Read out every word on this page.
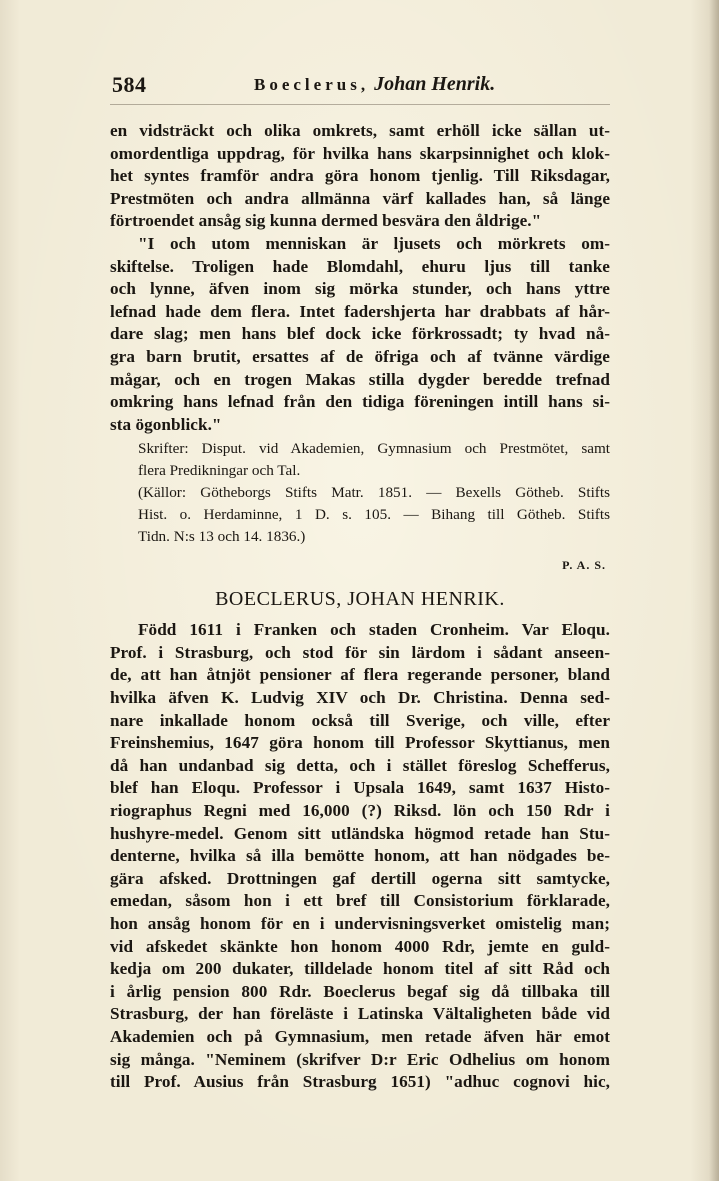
584	Boeclerus, Johan Henrik.
en vidsträckt och olika omkrets, samt erhöll icke sällan ut-
omordentliga uppdrag, för hvilka hans skarpsinnighet och klok-
het syntes framför andra göra honom tjenlig. Till Riksdagar,
Prestmöten och andra allmänna värf kallades han, så länge
förtroendet ansåg sig kunna dermed besvära den åldrige."
"I och utom menniskan är ljusets och mörkrets om-
skiftelse. Troligen hade Blomdahl, ehuru ljus till tanke
och lynne, äfven inom sig mörka stunder, och hans yttre
lefnad hade dem flera. Intet fadershjerta har drabbats af hår-
dare slag; men hans blef dock icke förkrossadt; ty hvad nå-
gra barn brutit, ersattes af de öfriga och af tvänne värdige
mågar, och en trogen Makas stilla dygder beredde trefnad
omkring hans lefnad från den tidiga föreningen intill hans si-
sta ögonblick."
Skrifter: Disput. vid Akademien, Gymnasium och Prestmötet, samt
flera Predikningar och Tal.
(Källor: Götheborgs Stifts Matr. 1851. — Bexells Götheb. Stifts
Hist. o. Herdaminne, 1 D. s. 105. — Bihang till Götheb. Stifts
Tidn. N:s 13 och 14. 1836.)
P. A. S.
BOECLERUS, JOHAN HENRIK.
Född 1611 i Franken och staden Cronheim. Var Eloqu.
Prof. i Strasburg, och stod för sin lärdom i sådant anseen-
de, att han åtnjöt pensioner af flera regerande personer, bland
hvilka äfven K. Ludvig XIV och Dr. Christina. Denna sed-
nare inkallade honom också till Sverige, och ville, efter
Freinshemius, 1647 göra honom till Professor Skyttianus, men
då han undanbad sig detta, och i stället föreslog Schefferus,
blef han Eloqu. Professor i Upsala 1649, samt 1637 Histo-
riographus Regni med 16,000 (?) Riksd. lön och 150 Rdr i
hushyre-medel. Genom sitt utländska högmod retade han Stu-
denterne, hvilka så illa bemötte honom, att han nödgades be-
gära afsked. Drottningen gaf dertill ogerna sitt samtycke,
emedan, såsom hon i ett bref till Consistorium förklarade,
hon ansåg honom för en i undervisningsverket omistelig man;
vid afskedet skänkte hon honom 4000 Rdr, jemte en guld-
kedja om 200 dukater, tilldelade honom titel af sitt Råd och
i årlig pension 800 Rdr. Boeclerus begaf sig då tillbaka till
Strasburg, der han föreläste i Latinska Vältaligheten både vid
Akademien och på Gymnasium, men retade äfven här emot
sig många. "Neminem (skrifver D:r Eric Odhelius om honom
till Prof. Ausius från Strasburg 1651) "adhuc cognovi hic,
